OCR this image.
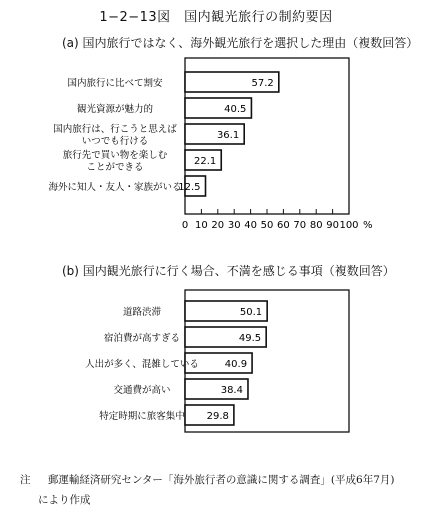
1−2−13図　国内観光旅行の制約要因
(a) 国内旅行ではなく、海外観光旅行を選択した理由（複数回答）
57.2
国内旅行に比べて割安
40.5
観光資源が魅力的
36.1
国内旅行は、行こうと思えば
いつでも行ける
22.1
旅行先で買い物を楽しむ
ことができる
12.5
海外に知人・友人・家族がいる
0 10 20 30 40 50 60 70 80 90 100 %
(b) 国内観光旅行に行く場合、不満を感じる事項（複数回答）
50.1
道路渋滞
49.5
宿泊費が高すぎる
40.9
人出が多く、混雑している
38.4
交通費が高い
29.8
特定時期に旅客集中
注 郵運輸経済研究センター「海外旅行者の意識に関する調査」(平成6年7月)
により作成
